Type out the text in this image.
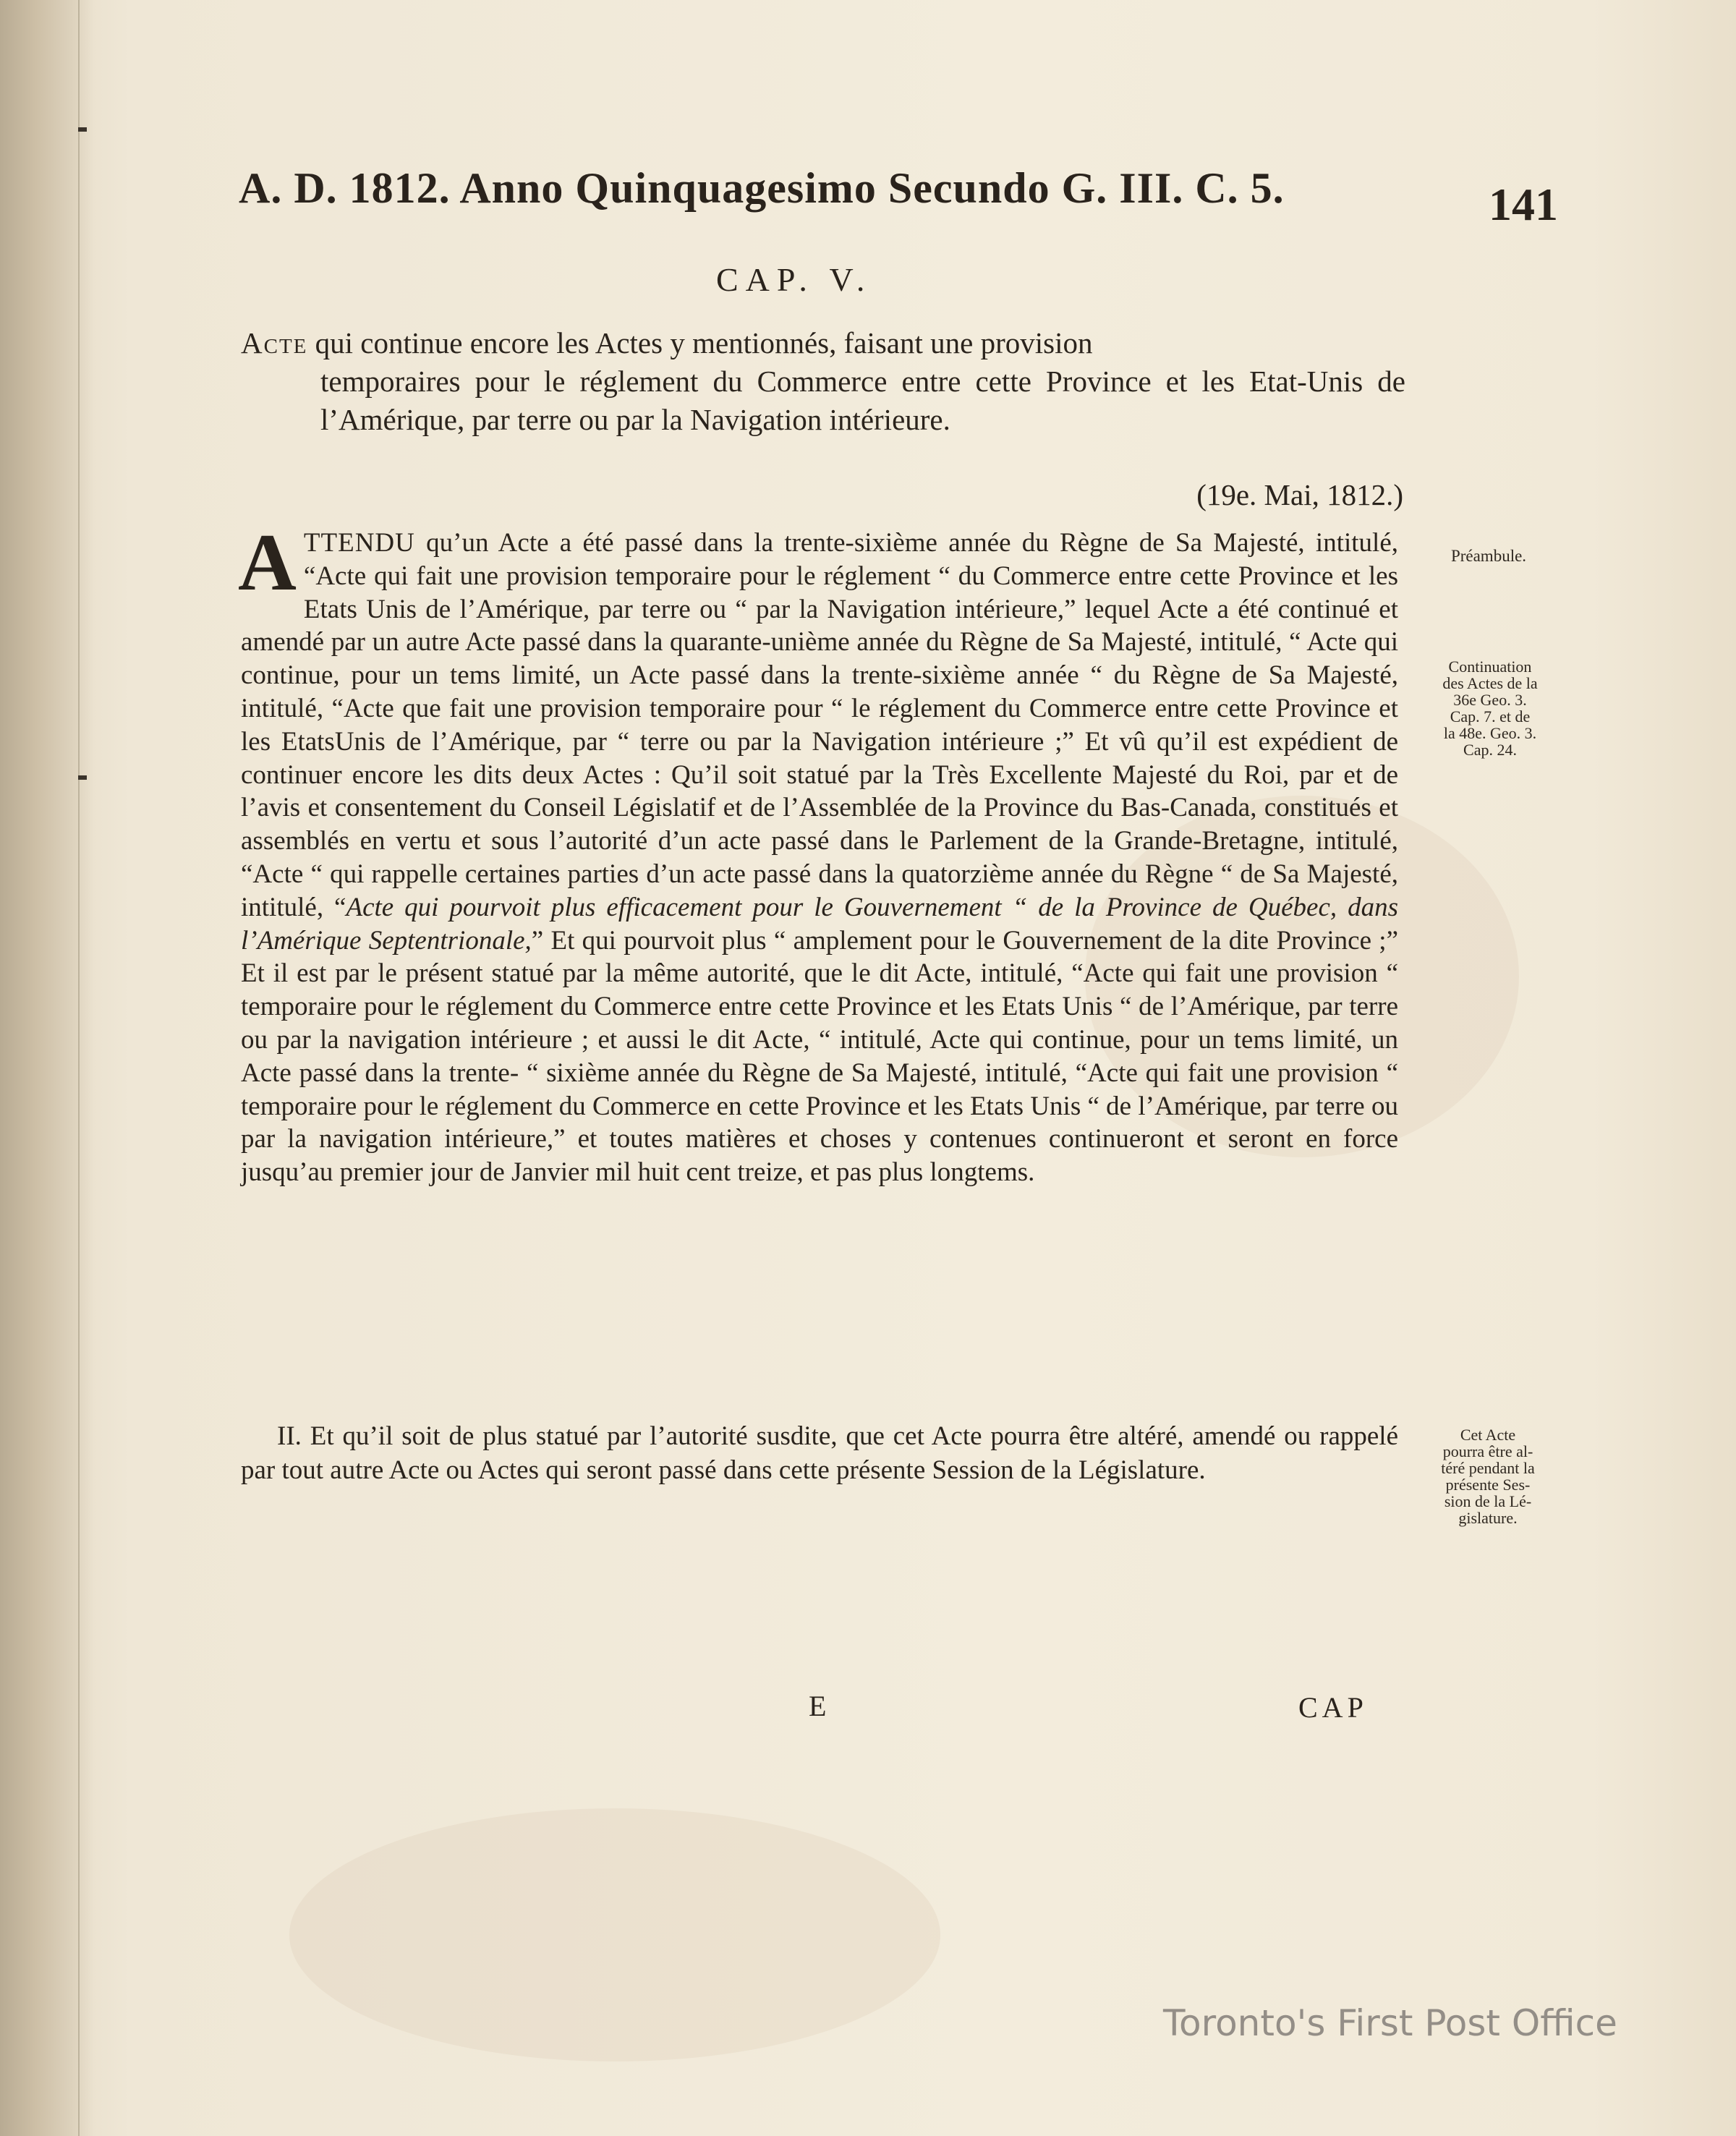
A. D. 1812. Anno Quinquagesimo Secundo G. III. C. 5.	141
CAP. V.
Acte qui continue encore les Actes y mentionnés, faisant une provision
temporaires pour le réglement du Commerce entre cette Province et les Etat-Unis de l’Amérique, par terre ou par la Navigation intérieure.
(19e. Mai, 1812.)
ATTENDU qu’un Acte a été passé dans la trente-sixième année du Règne de Sa Majesté, intitulé, “Acte qui fait une provision temporaire pour le réglement “ du Commerce entre cette Province et les Etats Unis de l’Amérique, par terre ou “ par la Navigation intérieure,” lequel Acte a été continué et amendé par un autre Acte passé dans la quarante-unième année du Règne de Sa Majesté, intitulé, “ Acte qui continue, pour un tems limité, un Acte passé dans la trente-sixième année “ du Règne de Sa Majesté, intitulé, “Acte que fait une provision temporaire pour “ le réglement du Commerce entre cette Province et les EtatsUnis de l’Amérique, par “ terre ou par la Navigation intérieure ;” Et vû qu’il est expédient de continuer encore les dits deux Actes : Qu’il soit statué par la Très Excellente Majesté du Roi, par et de l’avis et consentement du Conseil Législatif et de l’Assemblée de la Province du Bas-Canada, constitués et assemblés en vertu et sous l’autorité d’un acte passé dans le Parlement de la Grande-Bretagne, intitulé, “Acte “ qui rappelle certaines parties d’un acte passé dans la quatorzième année du Règne “ de Sa Majesté, intitulé, “Acte qui pourvoit plus efficacement pour le Gouvernement “ de la Province de Québec, dans l’Amérique Septentrionale,” Et qui pourvoit plus “ amplement pour le Gouvernement de la dite Province ;” Et il est par le présent statué par la même autorité, que le dit Acte, intitulé, “Acte qui fait une provision “ temporaire pour le réglement du Commerce entre cette Province et les Etats Unis “ de l’Amérique, par terre ou par la navigation intérieure ; et aussi le dit Acte, “ intitulé, Acte qui continue, pour un tems limité, un Acte passé dans la trente- “ sixième année du Règne de Sa Majesté, intitulé, “Acte qui fait une provision “ temporaire pour le réglement du Commerce en cette Province et les Etats Unis “ de l’Amérique, par terre ou par la navigation intérieure,” et toutes matières et choses y contenues continueront et seront en force jusqu’au premier jour de Janvier mil huit cent treize, et pas plus longtems.
II. Et qu’il soit de plus statué par l’autorité susdite, que cet Acte pourra être altéré, amendé ou rappelé par tout autre Acte ou Actes qui seront passé dans cette présente Session de la Législature.
Préambule.
Continuation
des Actes de la
36e Geo. 3.
Cap. 7. et de
la 48e. Geo. 3.
Cap. 24.
Cet Acte
pourra être al-
téré pendant la
présente Ses-
sion de la Lé-
gislature.
E	CAP
Toronto's First Post Office
